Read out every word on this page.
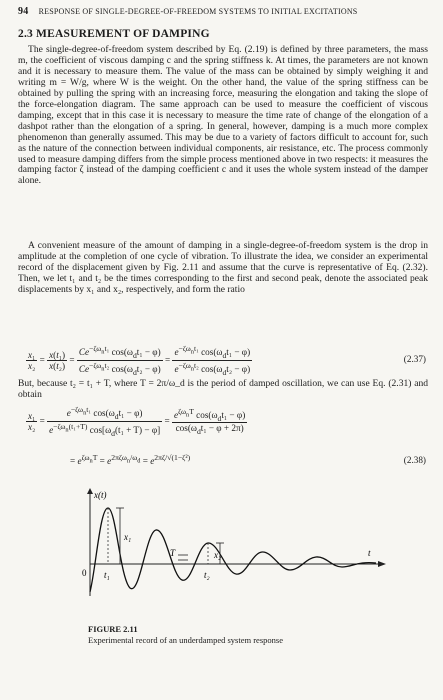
94 RESPONSE OF SINGLE-DEGREE-OF-FREEDOM SYSTEMS TO INITIAL EXCITATIONS
2.3 MEASUREMENT OF DAMPING
The single-degree-of-freedom system described by Eq. (2.19) is defined by three parameters, the mass m, the coefficient of viscous damping c and the spring stiffness k. At times, the parameters are not known and it is necessary to measure them. The value of the mass can be obtained by simply weighing it and writing m = W/g, where W is the weight. On the other hand, the value of the spring stiffness can be obtained by pulling the spring with an increasing force, measuring the elongation and taking the slope of the force-elongation diagram. The same approach can be used to measure the coefficient of viscous damping, except that in this case it is necessary to measure the time rate of change of the elongation of a dashpot rather than the elongation of a spring. In general, however, damping is a much more complex phenomenon than generally assumed. This may be due to a variety of factors difficult to account for, such as the nature of the connection between individual components, air resistance, etc. The process commonly used to measure damping differs from the simple process mentioned above in two respects: it measures the damping factor ζ instead of the damping coefficient c and it uses the whole system instead of the damper alone.
A convenient measure of the amount of damping in a single-degree-of-freedom system is the drop in amplitude at the completion of one cycle of vibration. To illustrate the idea, we consider an experimental record of the displacement given by Fig. 2.11 and assume that the curve is representative of Eq. (2.32). Then, we let t₁ and t₂ be the times corresponding to the first and second peak, denote the associated peak displacements by x₁ and x₂, respectively, and form the ratio
$\frac{\text{x₁}}{\text{x₂}} = \frac{\text{x(t₁)}}{\text{x(t₂)}} = \frac{Ce^{-\zeta\omega_nt_1} \cos(\omega_dt_1 - \varphi)}{Ce^{-\zeta\omega_nt_2} \cos(\omega_dt_2 - \varphi)} = \frac{e^{-\zeta\omega_nt_1} \cos(\omega_dt_1 - \varphi)}{e^{-\zeta\omega_nt_2} \cos(\omega_dt_2 - \varphi)}$	(2.37)
But, because t₂ = t₁ + T, where T = 2π/ω_d is the period of damped oscillation, we can use Eq. (2.31) and obtain
$\frac{\text{x₁}}{\text{x₂}} = \frac{e^{-\zeta\omega_nt_1} \cos(\omega_dt_1 - \varphi)}{e^{-\zeta\omega_n(t_1+T)} \cos[\omega_d(t_1 + T) - \varphi]} = \frac{e^{\zeta\omega_nT} \cos(\omega_dt_1 - \varphi)}{\cos(\omega_dt_1 - \varphi + 2\pi)}$
= $e^{\zeta\omega_nT} = e^{2\pi\zeta\omega_n/\omega_d} = e^{2\pi\zeta/√(1-\zeta^2)}$	(2.38)
x(t)
x₁
x₂
T	t
0 t₁	t₂
FIGURE 2.11
Experimental record of an underdamped system response
